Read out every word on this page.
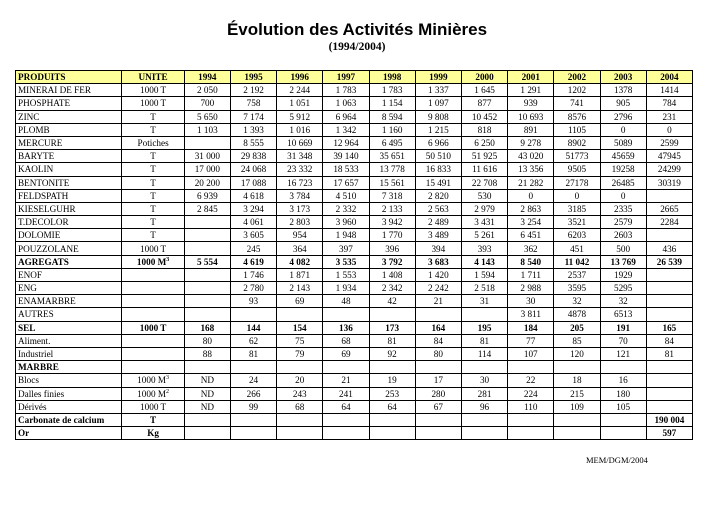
Évolution des Activités Minières
(1994/2004)
PRODUITS	UNITE	1994	1995	1996	1997	1998	1999	2000	2001	2002	2003	2004
MINERAI DE FER	1000 T	2 050	2 192	2 244	1 783	1 783	1 337	1 645	1 291	1202	1378	1414
PHOSPHATE	1000 T	700	758	1 051	1 063	1 154	1 097	877	939	741	905	784
ZINC	T	5 650	7 174	5 912	6 964	8 594	9 808	10 452	10 693	8576	2796	231
PLOMB	T	1 103	1 393	1 016	1 342	1 160	1 215	818	891	1105	0	0
MERCURE	Potiches		8 555	10 669	12 964	6 495	6 966	6 250	9 278	8902	5089	2599
BARYTE	T	31 000	29 838	31 348	39 140	35 651	50 510	51 925	43 020	51773	45659	47945
KAOLIN	T	17 000	24 068	23 332	18 533	13 778	16 833	11 616	13 356	9505	19258	24299
BENTONITE	T	20 200	17 088	16 723	17 657	15 561	15 491	22 708	21 282	27178	26485	30319
FELDSPATH	T	6 939	4 618	3 784	4 510	7 318	2 820	530	0	0	0	
KIESELGUHR	T	2 845	3 294	3 173	2 332	2 133	2 563	2 979	2 863	3185	2335	2665
T.DECOLOR	T		4 061	2 803	3 960	3 942	2 489	3 431	3 254	3521	2579	2284
DOLOMIE	T		3 605	954	1 948	1 770	3 489	5 261	6 451	6203	2603	
POUZZOLANE	1000 T		245	364	397	396	394	393	362	451	500	436
AGREGATS	1000 $M^3$	5 554	4 619	4 082	3 535	3 792	3 683	4 143	8 540	11 042	13 769	26 539
ENOF			1 746	1 871	1 553	1 408	1 420	1 594	1 711	2537	1929	
ENG			2 780	2 143	1 934	2 342	2 242	2 518	2 988	3595	5295	
ENAMARBRE			93	69	48	42	21	31	30	32	32	
AUTRES									3 811	4878	6513	
SEL	1000 T	168	144	154	136	173	164	195	184	205	191	165
Aliment.		80	62	75	68	81	84	81	77	85	70	84
Industriel		88	81	79	69	92	80	114	107	120	121	81
MARBRE												
Blocs	1000 $M^3$	ND	24	20	21	19	17	30	22	18	16	
Dalles finies	1000 $M^2$	ND	266	243	241	253	280	281	224	215	180	
Dérivés	1000 T	ND	99	68	64	64	67	96	110	109	105	
Carbonate de calcium	T											190 004
Or	Kg											597
MEM/DGM/2004
